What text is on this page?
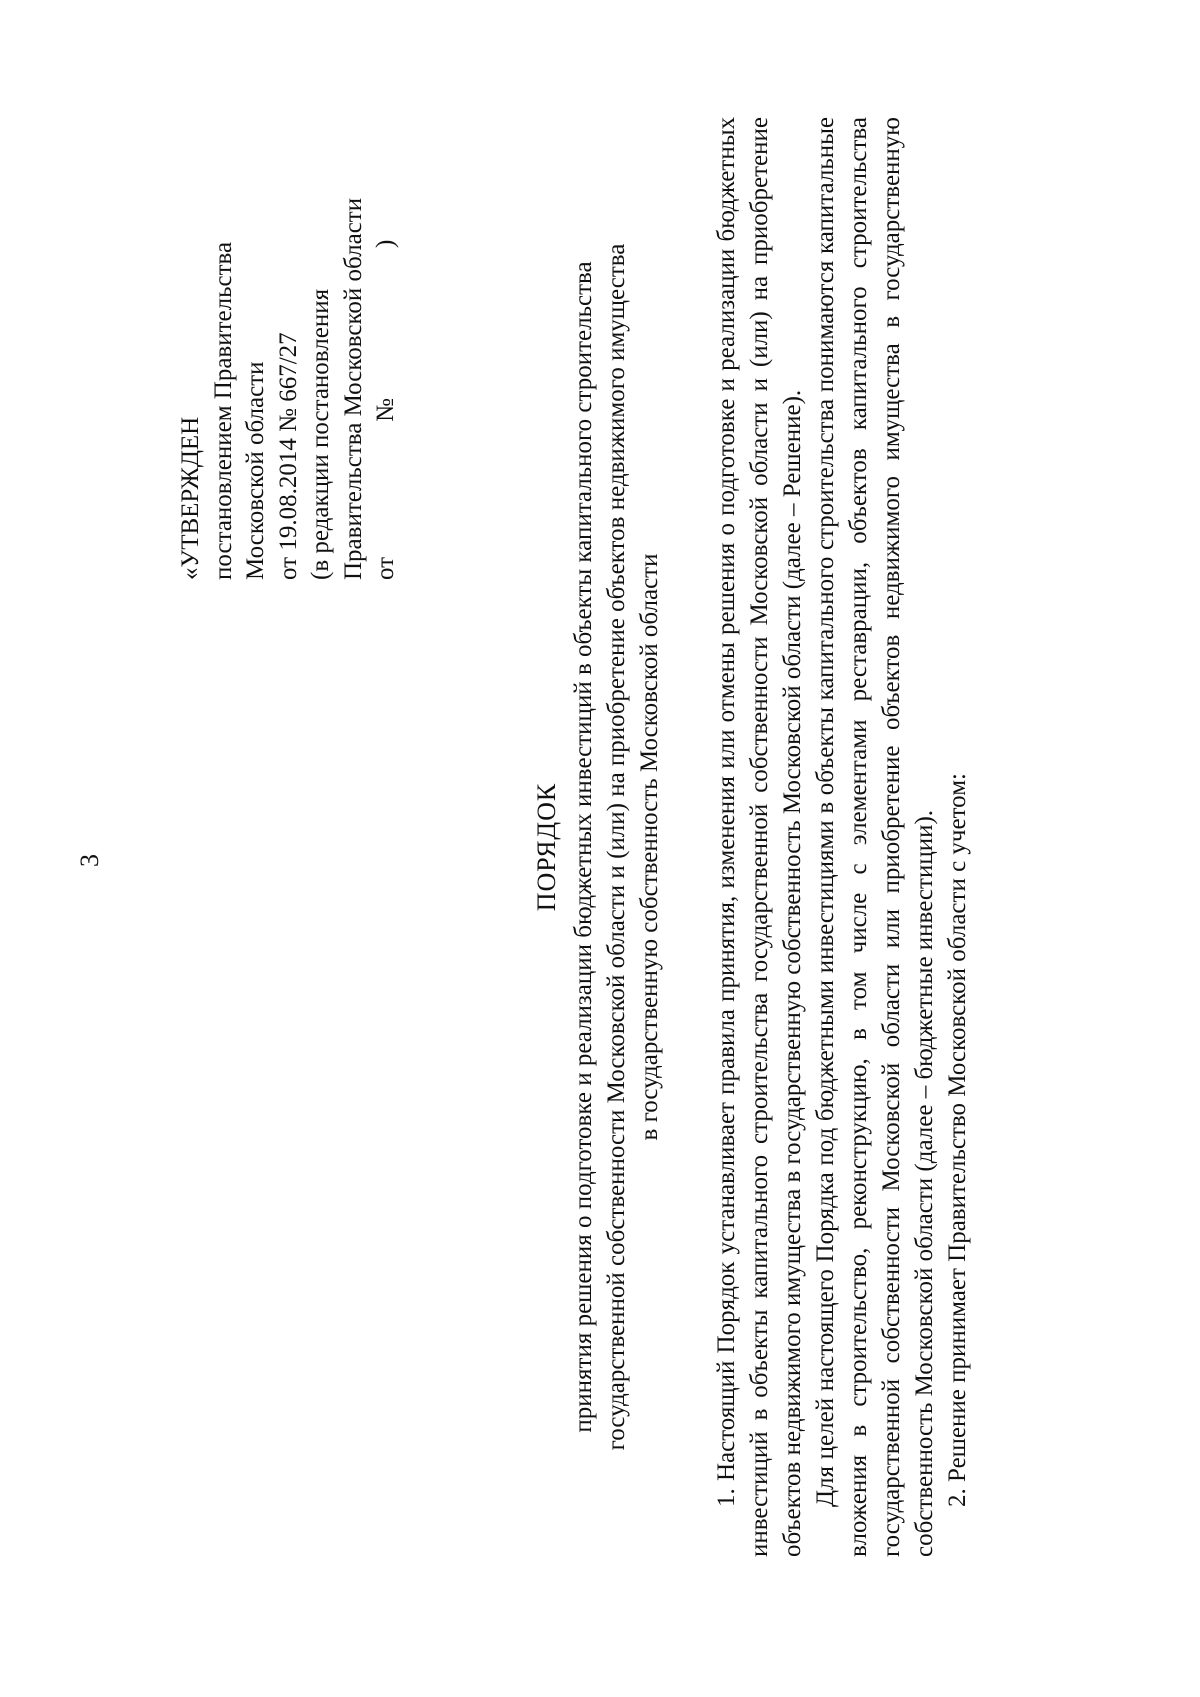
3
«УТВЕРЖДЕН постановлением Правительства Московской области от 19.08.2014 № 667/27 (в редакции постановления Правительства Московской области от
№
)
ПОРЯДОК принятия решения о подготовке и реализации бюджетных инвестиций в объекты капитального строительства государственной собственности Московской области и (или) на приобретение объектов недвижимого имущества в государственную собственность Московской области 1. Настоящий Порядок устанавливает правила принятия, изменения или отмены решения о подготовке и реализации бюджетных инвестиций в объекты капитального строительства государственной собственности Московской области и (или) на приобретение объектов недвижимого имущества в государственную собственность Московской области (далее – Решение). Для целей настоящего Порядка под бюджетными инвестициями в объекты капитального строительства понимаются капитальные вложения в строительство, реконструкцию, в том числе с элементами реставрации, объектов капитального строительства государственной собственности Московской области или приобретение объектов недвижимого имущества в государственную собственность Московской области (далее – бюджетные инвестиции). 2. Решение принимает Правительство Московской области с учетом:
